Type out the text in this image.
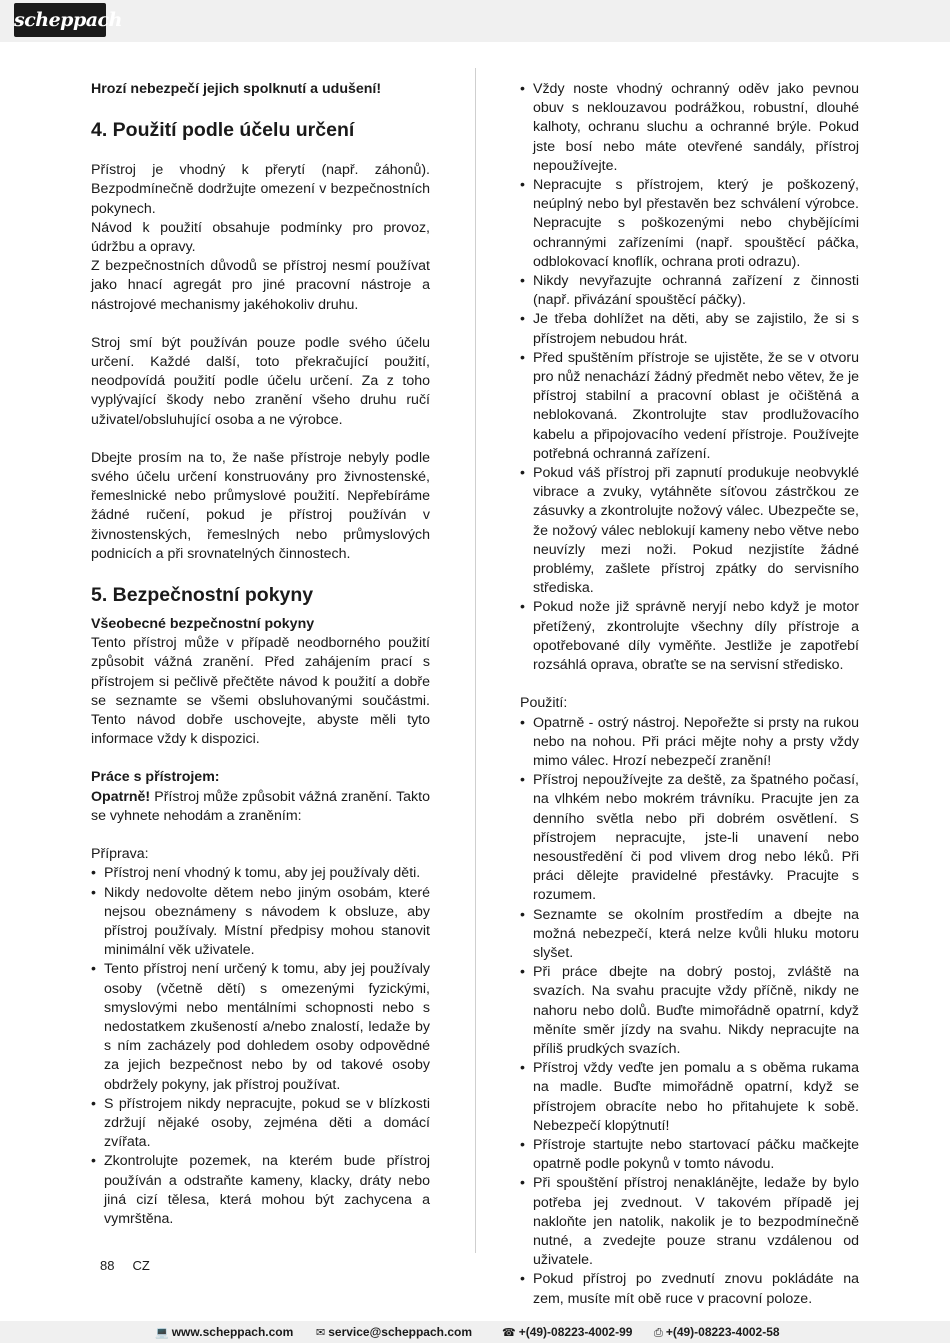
scheppach

Hrozí nebezpečí jejich spolknutí a udušení!

4. Použití podle účelu určení

Přístroj je vhodný k přerytí (např. záhonů). Bezpodmínečně dodržujte omezení v bezpečnostních pokynech.

Návod k použití obsahuje podmínky pro provoz, údržbu a opravy.

Z bezpečnostních důvodů se přístroj nesmí používat jako hnací agregát pro jiné pracovní nástroje a nástrojové mechanismy jakéhokoliv druhu.

Stroj smí být používán pouze podle svého účelu určení. Každé další, toto překračující použití, neodpovídá použití podle účelu určení. Za z toho vyplývající škody nebo zranění všeho druhu ručí uživatel/obsluhující osoba a ne výrobce.

Dbejte prosím na to, že naše přístroje nebyly podle svého účelu určení konstruovány pro živnostenské, řemeslnické nebo průmyslové použití. Nepřebíráme žádné ručení, pokud je přístroj používán v živnostenských, řemeslných nebo průmyslových podnicích a při srovnatelných činnostech.

5. Bezpečnostní pokyny

Všeobecné bezpečnostní pokyny

Tento přístroj může v případě neodborného použití způsobit vážná zranění. Před zahájením prací s přístrojem si pečlivě přečtěte návod k použití a dobře se seznamte se všemi obsluhovanými součástmi. Tento návod dobře uschovejte, abyste měli tyto informace vždy k dispozici.

Práce s přístrojem:

Opatrně! Přístroj může způsobit vážná zranění. Takto se vyhnete nehodám a zraněním:

Příprava:

• Přístroj není vhodný k tomu, aby jej používaly děti.
• Nikdy nedovolte dětem nebo jiným osobám, které nejsou obeznámeny s návodem k obsluze, aby přístroj používaly. Místní předpisy mohou stanovit minimální věk uživatele.
• Tento přístroj není určený k tomu, aby jej používaly osoby (včetně dětí) s omezenými fyzickými, smyslovými nebo mentálními schopnosti nebo s nedostatkem zkušeností a/nebo znalostí, ledaže by s ním zacházely pod dohledem osoby odpovědné za jejich bezpečnost nebo by od takové osoby obdržely pokyny, jak přístroj používat.
• S přístrojem nikdy nepracujte, pokud se v blízkosti zdržují nějaké osoby, zejména děti a domácí zvířata.
• Zkontrolujte pozemek, na kterém bude přístroj používán a odstraňte kameny, klacky, dráty nebo jiná cizí tělesa, která mohou být zachycena a vymrštěna.
• Vždy noste vhodný ochranný oděv jako pevnou obuv s neklouzavou podrážkou, robustní, dlouhé kalhoty, ochranu sluchu a ochranné brýle. Pokud jste bosí nebo máte otevřené sandály, přístroj nepoužívejte.
• Nepracujte s přístrojem, který je poškozený, neúplný nebo byl přestavěn bez schválení výrobce. Nepracujte s poškozenými nebo chybějícími ochrannými zařízeními (např. spouštěcí páčka, odblokovací knoflík, ochrana proti odrazu).
• Nikdy nevyřazujte ochranná zařízení z činnosti (např. přivázání spouštěcí páčky).
• Je třeba dohlížet na děti, aby se zajistilo, že si s přístrojem nebudou hrát.
• Před spuštěním přístroje se ujistěte, že se v otvoru pro nůž nenachází žádný předmět nebo větev, že je přístroj stabilní a pracovní oblast je očištěná a neblokovaná. Zkontrolujte stav prodlužovacího kabelu a připojovacího vedení přístroje. Používejte potřebná ochranná zařízení.
• Pokud váš přístroj při zapnutí produkuje neobvyklé vibrace a zvuky, vytáhněte síťovou zástrčkou ze zásuvky a zkontrolujte nožový válec. Ubezpečte se, že nožový válec neblokují kameny nebo větve nebo neuvízly mezi noži. Pokud nezjistíte žádné problémy, zašlete přístroj zpátky do servisního střediska.
• Pokud nože již správně neryjí nebo když je motor přetížený, zkontrolujte všechny díly přístroje a opotřebované díly vyměňte. Jestliže je zapotřebí rozsáhlá oprava, obraťte se na servisní středisko.

Použití:

• Opatrně - ostrý nástroj. Nepořežte si prsty na rukou nebo na nohou. Při práci mějte nohy a prsty vždy mimo válec. Hrozí nebezpečí zranění!
• Přístroj nepoužívejte za deště, za špatného počasí, na vlhkém nebo mokrém trávníku. Pracujte jen za denního světla nebo při dobrém osvětlení. S přístrojem nepracujte, jste-li unavení nebo nesoustředění či pod vlivem drog nebo léků. Při práci dělejte pravidelné přestávky. Pracujte s rozumem.
• Seznamte se okolním prostředím a dbejte na možná nebezpečí, která nelze kvůli hluku motoru slyšet.
• Při práce dbejte na dobrý postoj, zvláště na svazích. Na svahu pracujte vždy příčně, nikdy ne nahoru nebo dolů. Buďte mimořádně opatrní, když měníte směr jízdy na svahu. Nikdy nepracujte na příliš prudkých svazích.
• Přístroj vždy veďte jen pomalu a s oběma rukama na madle. Buďte mimořádně opatrní, když se přístrojem obracíte nebo ho přitahujete k sobě. Nebezpečí klopýtnutí!
• Přístroje startujte nebo startovací páčku mačkejte opatrně podle pokynů v tomto návodu.
• Při spouštění přístroj nenaklánějte, ledaže by bylo potřeba jej zvednout. V takovém případě jej nakloňte jen natolik, nakolik je to bezpodmínečně nutné, a zvedejte pouze stranu vzdálenou od uživatele.
• Pokud přístroj po zvednutí znovu pokládáte na zem, musíte mít obě ruce v pracovní poloze.
88 CZ
💻 www.scheppach.com ✉ service@scheppach.com	☎ +(49)-08223-4002-99 ⎙ +(49)-08223-4002-58
